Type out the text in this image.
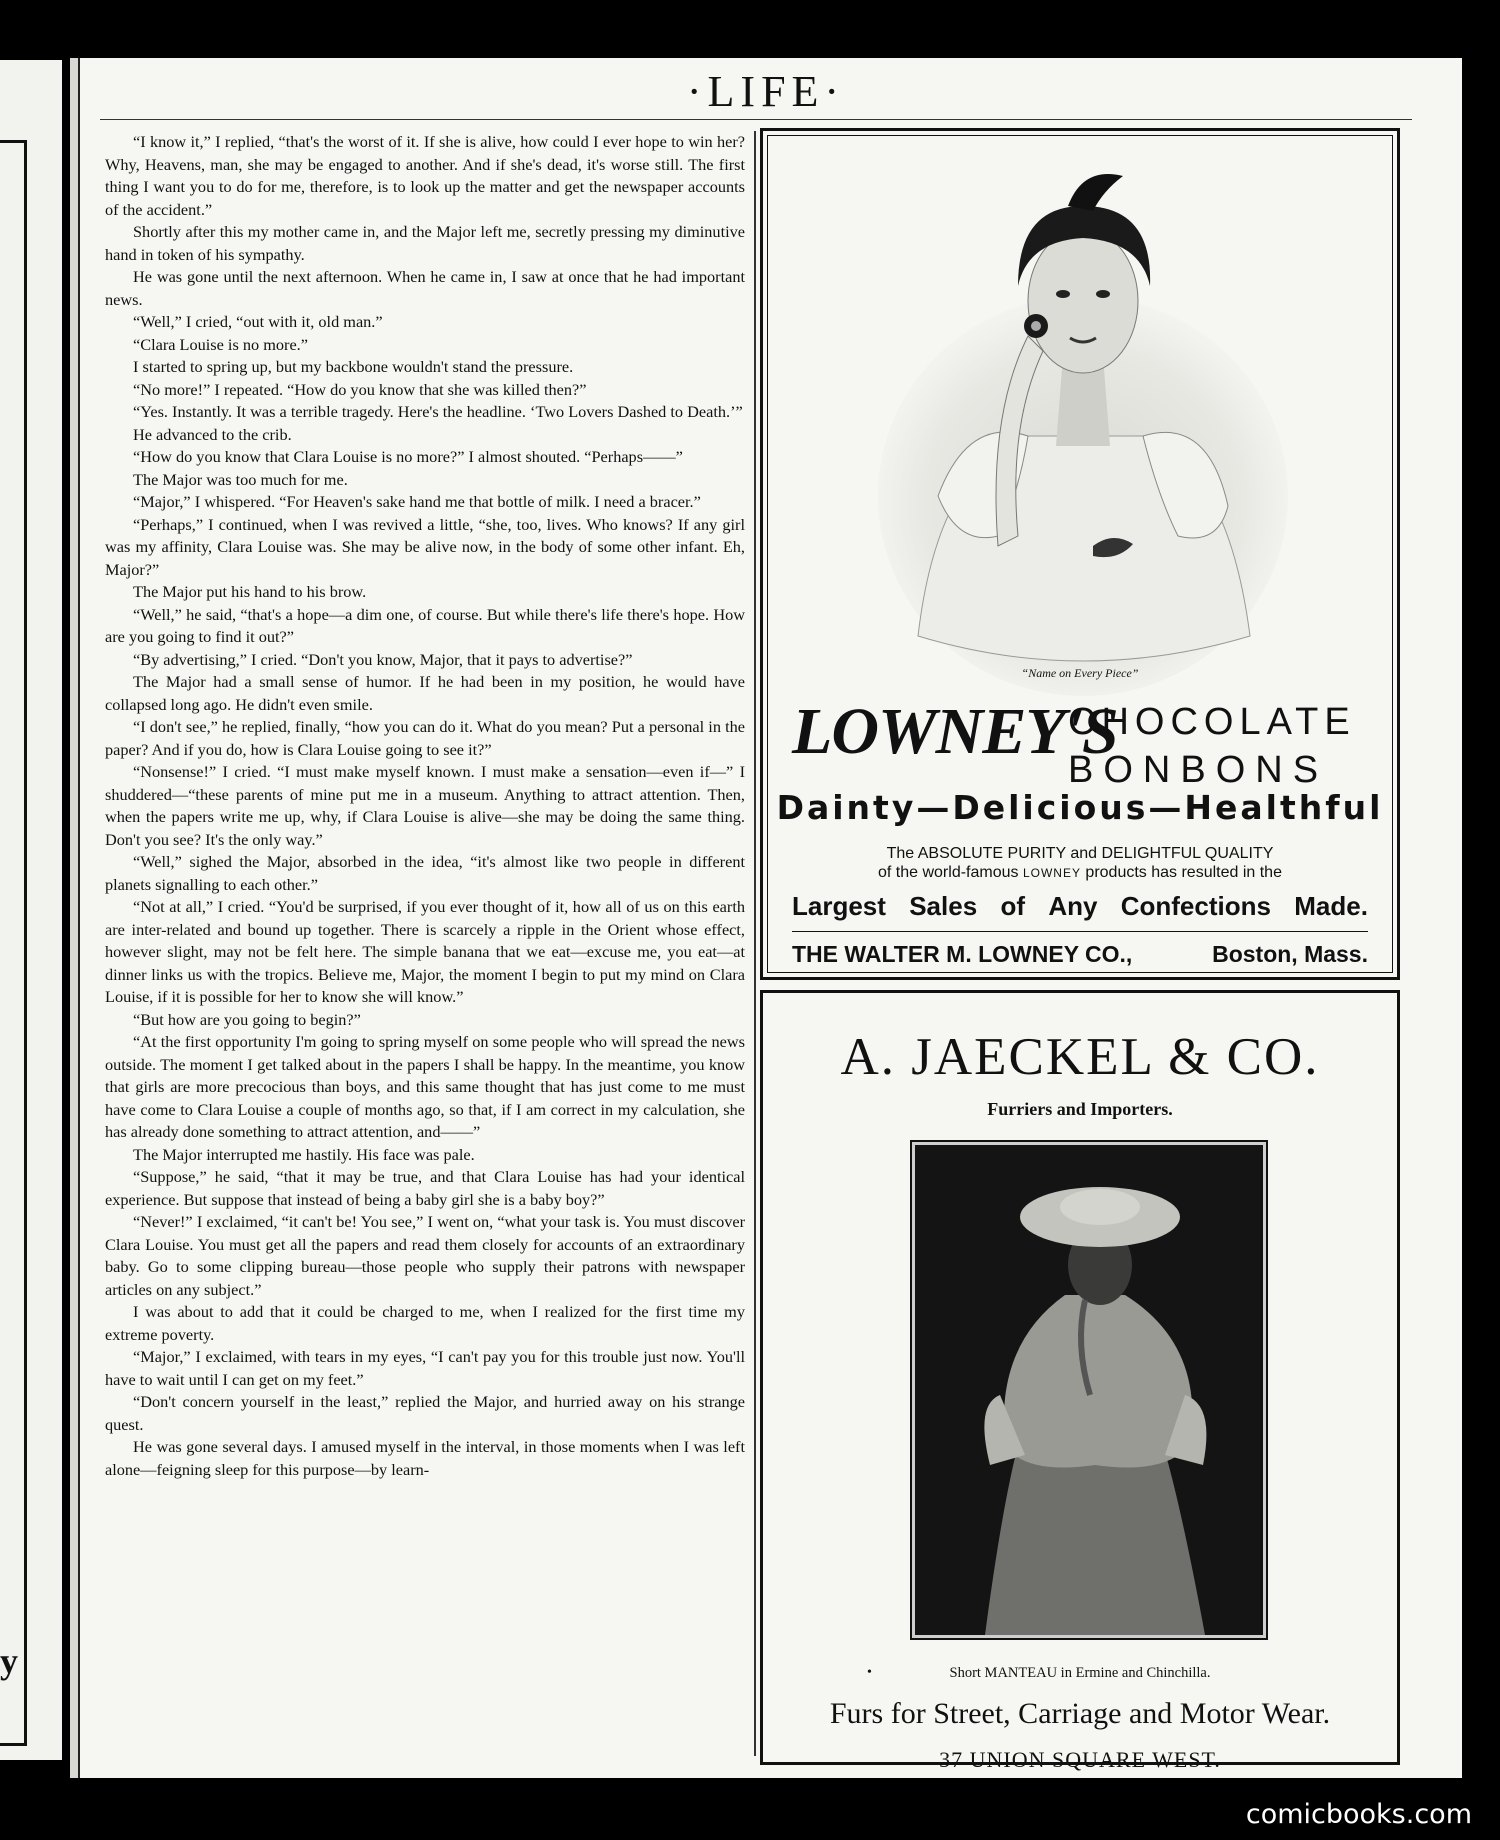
y
·LIFE·

“I know it,” I replied, “that's the worst of it. If she is alive, how could I ever hope to win her? Why, Heavens, man, she may be engaged to another. And if she's dead, it's worse still. The first thing I want you to do for me, therefore, is to look up the matter and get the newspaper accounts of the accident.”

Shortly after this my mother came in, and the Major left me, secretly pressing my diminutive hand in token of his sympathy.

He was gone until the next afternoon. When he came in, I saw at once that he had important news.

“Well,” I cried, “out with it, old man.”

“Clara Louise is no more.”

I started to spring up, but my backbone wouldn't stand the pressure.

“No more!” I repeated. “How do you know that she was killed then?”

“Yes. Instantly. It was a terrible tragedy. Here's the headline. ‘Two Lovers Dashed to Death.’”

He advanced to the crib.

“How do you know that Clara Louise is no more?” I almost shouted. “Perhaps——”

The Major was too much for me.

“Major,” I whispered. “For Heaven's sake hand me that bottle of milk. I need a bracer.”

“Perhaps,” I continued, when I was revived a little, “she, too, lives. Who knows? If any girl was my affinity, Clara Louise was. She may be alive now, in the body of some other infant. Eh, Major?”

The Major put his hand to his brow.

“Well,” he said, “that's a hope—a dim one, of course. But while there's life there's hope. How are you going to find it out?”

“By advertising,” I cried. “Don't you know, Major, that it pays to advertise?”

The Major had a small sense of humor. If he had been in my position, he would have collapsed long ago. He didn't even smile.

“I don't see,” he replied, finally, “how you can do it. What do you mean? Put a personal in the paper? And if you do, how is Clara Louise going to see it?”

“Nonsense!” I cried. “I must make myself known. I must make a sensation—even if—” I shuddered—“these parents of mine put me in a museum. Anything to attract attention. Then, when the papers write me up, why, if Clara Louise is alive—she may be doing the same thing. Don't you see? It's the only way.”

“Well,” sighed the Major, absorbed in the idea, “it's almost like two people in different planets signalling to each other.”

“Not at all,” I cried. “You'd be surprised, if you ever thought of it, how all of us on this earth are inter-related and bound up together. There is scarcely a ripple in the Orient whose effect, however slight, may not be felt here. The simple banana that we eat—excuse me, you eat—at dinner links us with the tropics. Believe me, Major, the moment I begin to put my mind on Clara Louise, if it is possible for her to know she will know.”

“But how are you going to begin?”

“At the first opportunity I'm going to spring myself on some people who will spread the news outside. The moment I get talked about in the papers I shall be happy. In the meantime, you know that girls are more precocious than boys, and this same thought that has just come to me must have come to Clara Louise a couple of months ago, so that, if I am correct in my calculation, she has already done something to attract attention, and——”

The Major interrupted me hastily. His face was pale.

“Suppose,” he said, “that it may be true, and that Clara Louise has had your identical experience. But suppose that instead of being a baby girl she is a baby boy?”

“Never!” I exclaimed, “it can't be! You see,” I went on, “what your task is. You must discover Clara Louise. You must get all the papers and read them closely for accounts of an extraordinary baby. Go to some clipping bureau—those people who supply their patrons with newspaper articles on any subject.”

I was about to add that it could be charged to me, when I realized for the first time my extreme poverty.

“Major,” I exclaimed, with tears in my eyes, “I can't pay you for this trouble just now. You'll have to wait until I can get on my feet.”

“Don't concern yourself in the least,” replied the Major, and hurried away on his strange quest.

He was gone several days. I amused myself in the interval, in those moments when I was left alone—feigning sleep for this purpose—by learn-

“Name on Every Piece”
LOWNEY'S
CHOCOLATE
BONBONS
Dainty—Delicious—Healthful
The ABSOLUTE PURITY and DELIGHTFUL QUALITY
of the world-famous LOWNEY products has resulted in the
Largest Sales of Any Confections Made.
THE WALTER M. LOWNEY CO.,	Boston, Mass.
A. JAECKEL & CO.
Furriers and Importers.
•	Short MANTEAU in Ermine and Chinchilla.
Furs for Street, Carriage and Motor Wear.
37 UNION SQUARE WEST.
comicbooks.com
